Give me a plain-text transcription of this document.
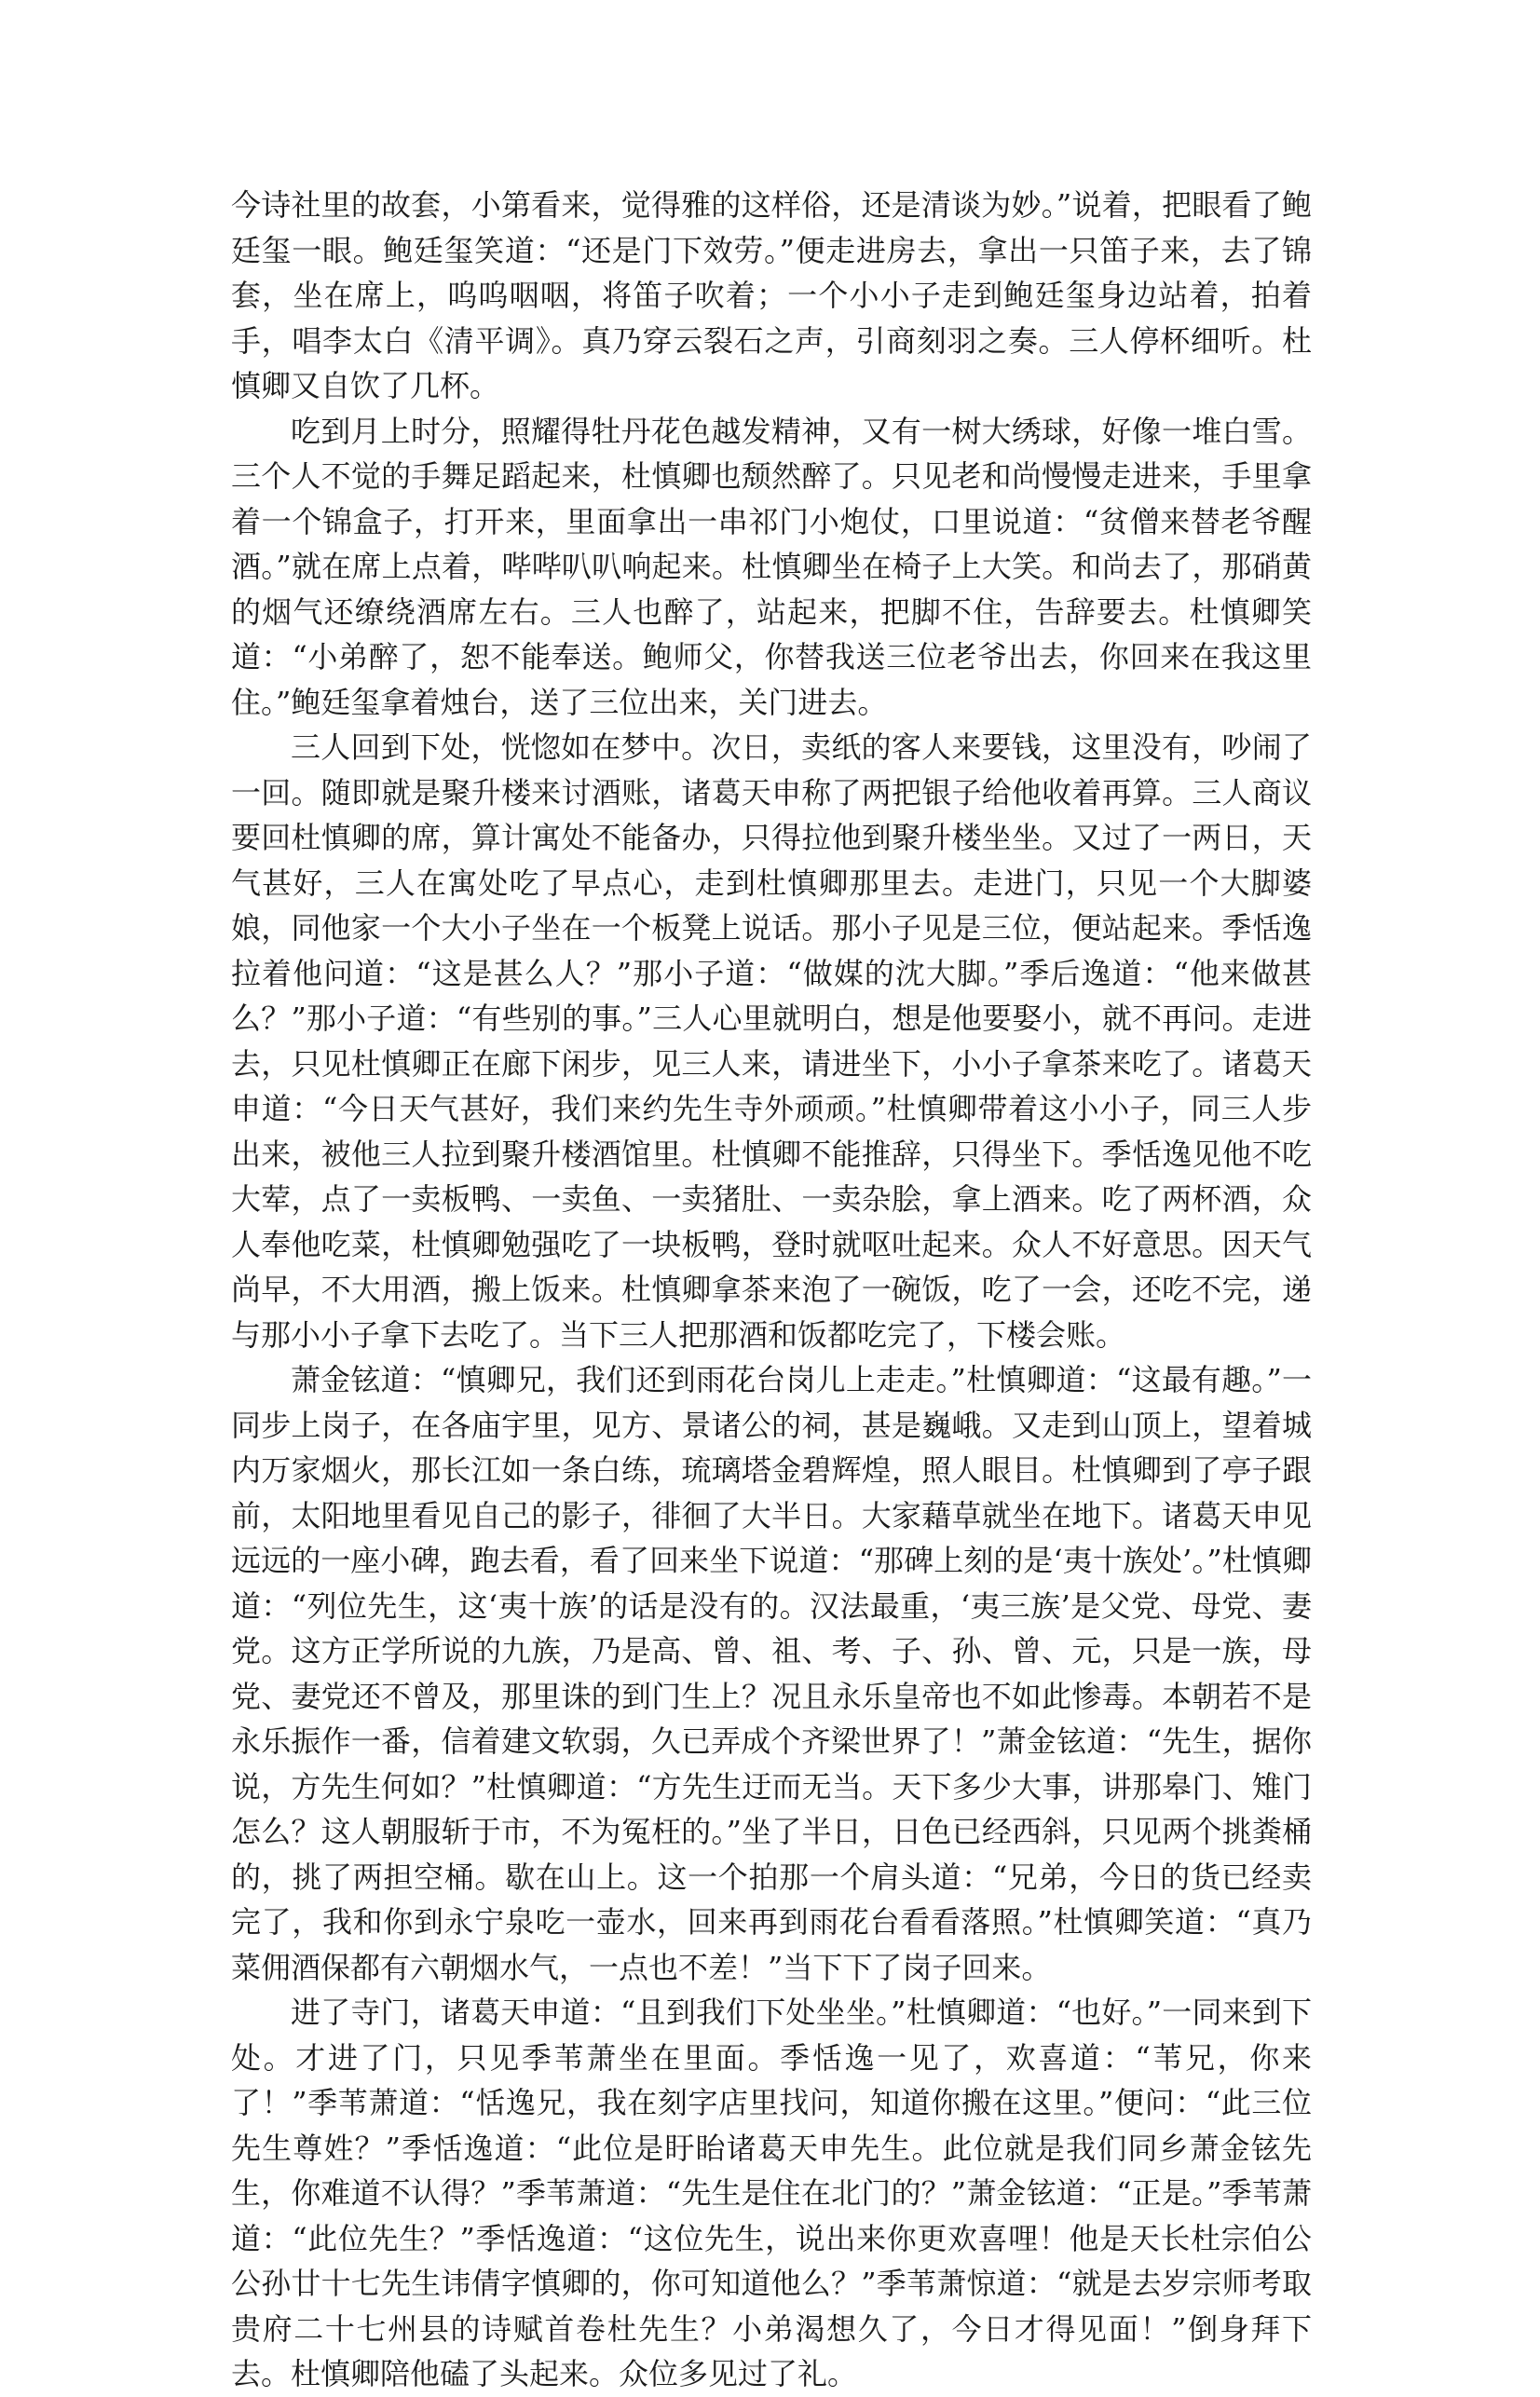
今诗社里的故套，小第看来，觉得雅的这样俗，还是清谈为妙。”说着，把眼看了鲍廷玺一眼。鲍廷玺笑道：“还是门下效劳。”便走进房去，拿出一只笛子来，去了锦套，坐在席上，呜呜咽咽，将笛子吹着；一个小小子走到鲍廷玺身边站着，拍着手，唱李太白《清平调》。真乃穿云裂石之声，引商刻羽之奏。三人停杯细听。杜慎卿又自饮了几杯。

吃到月上时分，照耀得牡丹花色越发精神，又有一树大绣球，好像一堆白雪。三个人不觉的手舞足蹈起来，杜慎卿也颓然醉了。只见老和尚慢慢走进来，手里拿着一个锦盒子，打开来，里面拿出一串祁门小炮仗，口里说道：“贫僧来替老爷醒酒。”就在席上点着，哔哔叭叭响起来。杜慎卿坐在椅子上大笑。和尚去了，那硝黄的烟气还缭绕酒席左右。三人也醉了，站起来，把脚不住，告辞要去。杜慎卿笑道：“小弟醉了，恕不能奉送。鲍师父，你替我送三位老爷出去，你回来在我这里住。”鲍廷玺拿着烛台，送了三位出来，关门进去。

三人回到下处，恍惚如在梦中。次日，卖纸的客人来要钱，这里没有，吵闹了一回。随即就是聚升楼来讨酒账，诸葛天申称了两把银子给他收着再算。三人商议要回杜慎卿的席，算计寓处不能备办，只得拉他到聚升楼坐坐。又过了一两日，天气甚好，三人在寓处吃了早点心，走到杜慎卿那里去。走进门，只见一个大脚婆娘，同他家一个大小子坐在一个板凳上说话。那小子见是三位，便站起来。季恬逸拉着他问道：“这是甚么人？”那小子道：“做媒的沈大脚。”季后逸道：“他来做甚么？”那小子道：“有些别的事。”三人心里就明白，想是他要娶小，就不再问。走进去，只见杜慎卿正在廊下闲步，见三人来，请进坐下，小小子拿茶来吃了。诸葛天申道：“今日天气甚好，我们来约先生寺外顽顽。”杜慎卿带着这小小子，同三人步出来，被他三人拉到聚升楼酒馆里。杜慎卿不能推辞，只得坐下。季恬逸见他不吃大荤，点了一卖板鸭、一卖鱼、一卖猪肚、一卖杂脍，拿上酒来。吃了两杯酒，众人奉他吃菜，杜慎卿勉强吃了一块板鸭，登时就呕吐起来。众人不好意思。因天气尚早，不大用酒，搬上饭来。杜慎卿拿茶来泡了一碗饭，吃了一会，还吃不完，递与那小小子拿下去吃了。当下三人把那酒和饭都吃完了，下楼会账。

萧金铉道：“慎卿兄，我们还到雨花台岗儿上走走。”杜慎卿道：“这最有趣。”一同步上岗子，在各庙宇里，见方、景诸公的祠，甚是巍峨。又走到山顶上，望着城内万家烟火，那长江如一条白练，琉璃塔金碧辉煌，照人眼目。杜慎卿到了亭子跟前，太阳地里看见自己的影子，徘徊了大半日。大家藉草就坐在地下。诸葛天申见远远的一座小碑，跑去看，看了回来坐下说道：“那碑上刻的是‘夷十族处’。”杜慎卿道：“列位先生，这‘夷十族’的话是没有的。汉法最重，‘夷三族’是父党、母党、妻党。这方正学所说的九族，乃是高、曾、祖、考、子、孙、曾、元，只是一族，母党、妻党还不曾及，那里诛的到门生上？况且永乐皇帝也不如此惨毒。本朝若不是永乐振作一番，信着建文软弱，久已弄成个齐梁世界了！”萧金铉道：“先生，据你说，方先生何如？”杜慎卿道：“方先生迂而无当。天下多少大事，讲那皋门、雉门怎么？这人朝服斩于市，不为冤枉的。”坐了半日，日色已经西斜，只见两个挑粪桶的，挑了两担空桶。歇在山上。这一个拍那一个肩头道：“兄弟，今日的货已经卖完了，我和你到永宁泉吃一壶水，回来再到雨花台看看落照。”杜慎卿笑道：“真乃菜佣酒保都有六朝烟水气，一点也不差！”当下下了岗子回来。

进了寺门，诸葛天申道：“且到我们下处坐坐。”杜慎卿道：“也好。”一同来到下处。才进了门，只见季苇萧坐在里面。季恬逸一见了，欢喜道：“苇兄，你来了！”季苇萧道：“恬逸兄，我在刻字店里找问，知道你搬在这里。”便问：“此三位先生尊姓？”季恬逸道：“此位是盱眙诸葛天申先生。此位就是我们同乡萧金铉先生，你难道不认得？”季苇萧道：“先生是住在北门的？”萧金铉道：“正是。”季苇萧道：“此位先生？”季恬逸道：“这位先生，说出来你更欢喜哩！他是天长杜宗伯公公孙廿十七先生讳倩字慎卿的，你可知道他么？”季苇萧惊道：“就是去岁宗师考取贵府二十七州县的诗赋首卷杜先生？小弟渴想久了，今日才得见面！”倒身拜下去。杜慎卿陪他磕了头起来。众位多见过了礼。
